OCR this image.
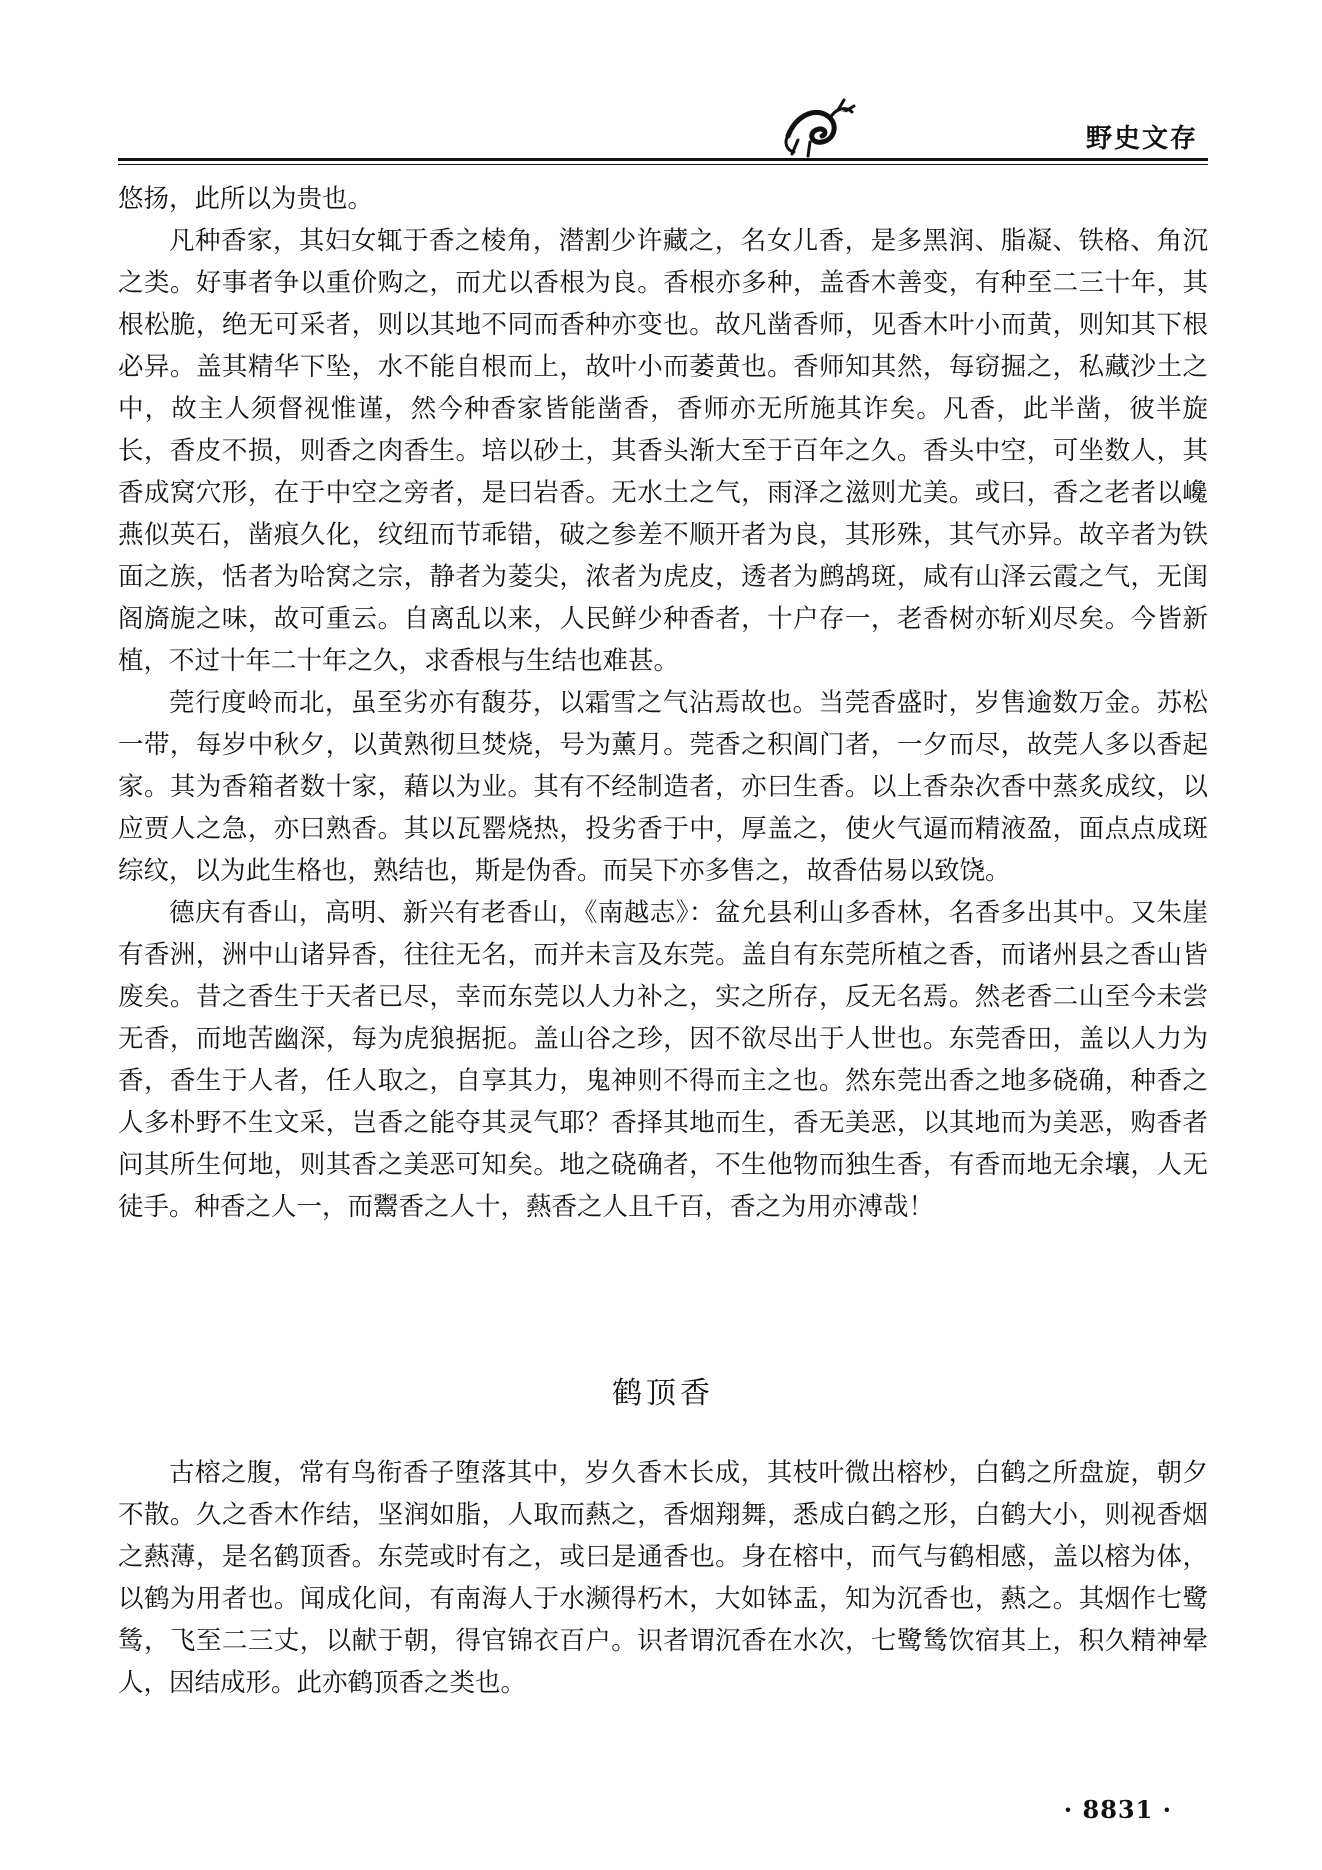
野史文存

悠扬，此所以为贵也。

凡种香家，其妇女辄于香之棱角，潜割少许藏之，名女儿香，是多黑润、脂凝、铁格、角沉之类。好事者争以重价购之，而尤以香根为良。香根亦多种，盖香木善变，有种至二三十年，其根松脆，绝无可采者，则以其地不同而香种亦变也。故凡凿香师，见香木叶小而黄，则知其下根必异。盖其精华下坠，水不能自根而上，故叶小而萎黄也。香师知其然，每窃掘之，私藏沙土之中，故主人须督视惟谨，然今种香家皆能凿香，香师亦无所施其诈矣。凡香，此半凿，彼半旋长，香皮不损，则香之肉香生。培以砂土，其香头渐大至于百年之久。香头中空，可坐数人，其香成窝穴形，在于中空之旁者，是曰岩香。无水土之气，雨泽之滋则尤美。或曰，香之老者以巉燕似英石，凿痕久化，纹纽而节乖错，破之参差不顺开者为良，其形殊，其气亦异。故辛者为铁面之族，恬者为哈窝之宗，静者为菱尖，浓者为虎皮，透者为鹧鸪斑，咸有山泽云霞之气，无闺阁旖旎之味，故可重云。自离乱以来，人民鲜少种香者，十户存一，老香树亦斩刈尽矣。今皆新植，不过十年二十年之久，求香根与生结也难甚。

莞行度岭而北，虽至劣亦有馥芬，以霜雪之气沾焉故也。当莞香盛时，岁售逾数万金。苏松一带，每岁中秋夕，以黄熟彻旦焚烧，号为薰月。莞香之积阊门者，一夕而尽，故莞人多以香起家。其为香箱者数十家，藉以为业。其有不经制造者，亦曰生香。以上香杂次香中蒸炙成纹，以应贾人之急，亦曰熟香。其以瓦罂烧热，投劣香于中，厚盖之，使火气逼而精液盈，面点点成斑综纹，以为此生格也，熟结也，斯是伪香。而吴下亦多售之，故香估易以致饶。

德庆有香山，高明、新兴有老香山，《南越志》：盆允县利山多香林，名香多出其中。又朱崖有香洲，洲中山诸异香，往往无名，而并未言及东莞。盖自有东莞所植之香，而诸州县之香山皆废矣。昔之香生于天者已尽，幸而东莞以人力补之，实之所存，反无名焉。然老香二山至今未尝无香，而地苦幽深，每为虎狼据扼。盖山谷之珍，因不欲尽出于人世也。东莞香田，盖以人力为香，香生于人者，任人取之，自享其力，鬼神则不得而主之也。然东莞出香之地多硗确，种香之人多朴野不生文采，岂香之能夺其灵气耶？香择其地而生，香无美恶，以其地而为美恶，购香者问其所生何地，则其香之美恶可知矣。地之硗确者，不生他物而独生香，有香而地无余壤，人无徒手。种香之人一，而鬻香之人十，爇香之人且千百，香之为用亦溥哉！

鹤顶香

古榕之腹，常有鸟衔香子堕落其中，岁久香木长成，其枝叶微出榕杪，白鹤之所盘旋，朝夕不散。久之香木作结，坚润如脂，人取而爇之，香烟翔舞，悉成白鹤之形，白鹤大小，则视香烟之爇薄，是名鹤顶香。东莞或时有之，或曰是通香也。身在榕中，而气与鹤相感，盖以榕为体，以鹤为用者也。闻成化间，有南海人于水濒得朽木，大如钵盂，知为沉香也，爇之。其烟作七鹭鸶，飞至二三丈，以献于朝，得官锦衣百户。识者谓沉香在水次，七鹭鸶饮宿其上，积久精神晕人，因结成形。此亦鹤顶香之类也。

· 8831 ·
